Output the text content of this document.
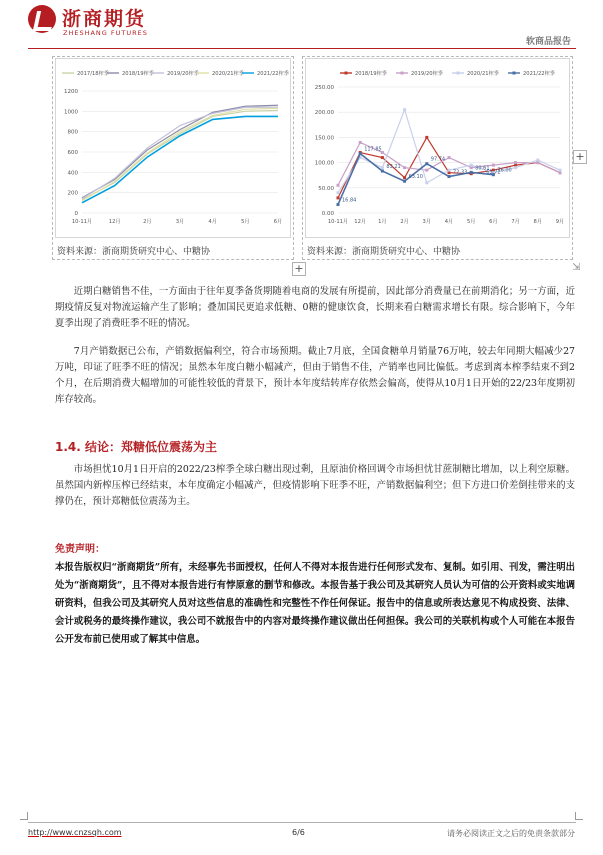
浙商期货
ZHESHANG FUTURES
软商品报告
0
200
400
600
800
1000
1200
10-11月	12月	2月	3月	4月	5月	6月
2017/18榨季	2018/19榨季	2019/20榨季	2020/21榨季	2021/22榨季
0.00
50.00
100.00
150.00
200.00
250.00
10-11月 12月 1月	2月	3月	4月	5月	6月	7月	8月	9月
2018/19榨季	2019/20榨季	2020/21榨季	2021/22榨季
16.84
117.85
83.21
63.10
97.74
72.33
80.61
63.72
76.00
资料来源：浙商期货研究中心、中糖协	资料来源：浙商期货研究中心、中糖协
+
+	⇲
近期白糖销售不佳，一方面由于往年夏季备货期随着电商的发展有所提前，因此部分消费量已在前期消化；另一方面，近期疫情反复对物流运输产生了影响；叠加国民更追求低糖、0糖的健康饮食，长期来看白糖需求增长有限。综合影响下，今年夏季出现了消费旺季不旺的情况。
7月产销数据已公布，产销数据偏利空，符合市场预期。截止7月底，全国食糖单月销量76万吨，较去年同期大幅减少27万吨，印证了旺季不旺的情况；虽然本年度白糖小幅减产，但由于销售不佳，产销率也同比偏低。考虑到离本榨季结束不到2个月，在后期消费大幅增加的可能性较低的背景下，预计本年度结转库存依然会偏高，使得从10月1日开始的22/23年度期初库存较高。
1.4. 结论：郑糖低位震荡为主
市场担忧10月1日开启的2022/23榨季全球白糖出现过剩，且原油价格回调令市场担忧甘蔗制糖比增加，以上利空原糖。虽然国内新榨压榨已经结束，本年度确定小幅减产，但疫情影响下旺季不旺，产销数据偏利空；但下方进口价差倒挂带来的支撑仍在，预计郑糖低位震荡为主。
免责声明：
本报告版权归“浙商期货”所有，未经事先书面授权，任何人不得对本报告进行任何形式发布、复制。如引用、刊发，需注明出处为“浙商期货”，且不得对本报告进行有悖原意的删节和修改。本报告基于我公司及其研究人员认为可信的公开资料或实地调研资料，但我公司及其研究人员对这些信息的准确性和完整性不作任何保证。报告中的信息或所表达意见不构成投资、法律、会计或税务的最终操作建议，我公司不就报告中的内容对最终操作建议做出任何担保。我公司的关联机构或个人可能在本报告公开发布前已使用或了解其中信息。
http://www.cnzsqh.com	6/6	请务必阅读正文之后的免责条款部分
